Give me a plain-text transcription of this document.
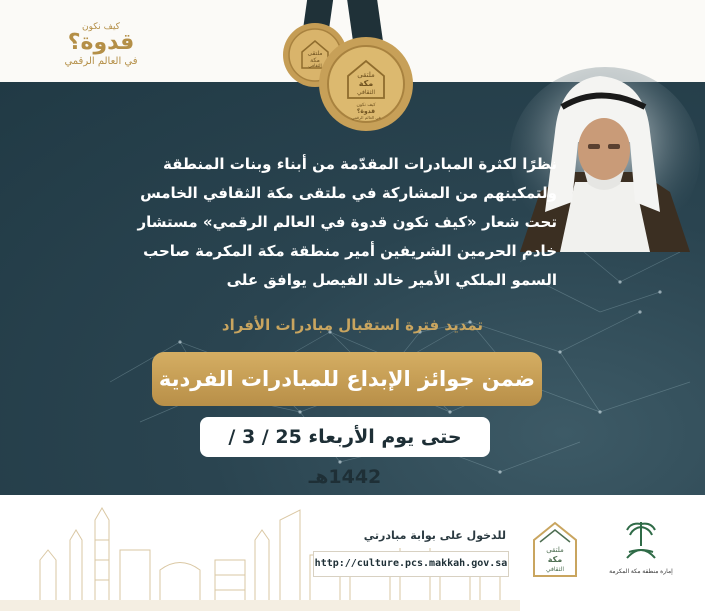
كيف نكون
قدوة؟
في العالم الرقمي
ملتقى
مكة
الثقافي
ملتقى
مكة
الثقافي
كيف نكون
قدوة؟
في العالم الرقمي
نظرًا لكثرة المبادرات المقدّمة من أبناء وبنات المنطقة
ولتمكينهم من المشاركة في ملتقى مكة الثقافي الخامس
تحت شعار «كيف نكون قدوة في العالم الرقمي» مستشار
خادم الحرمين الشريفين أمير منطقة مكة المكرمة صاحب
السمو الملكي الأمير خالد الفيصل يوافق على
تمديد فترة استقبال مبادرات الأفراد
ضمن جوائز الإبداع للمبادرات الفردية
حتى يوم الأربعاء 25 / 3 / 1442هـ
للدخول على بوابة مبادرتي
http://culture.pcs.makkah.gov.sa
ملتقى
مكة
الثقافي	إمارة منطقة مكة المكرمة
